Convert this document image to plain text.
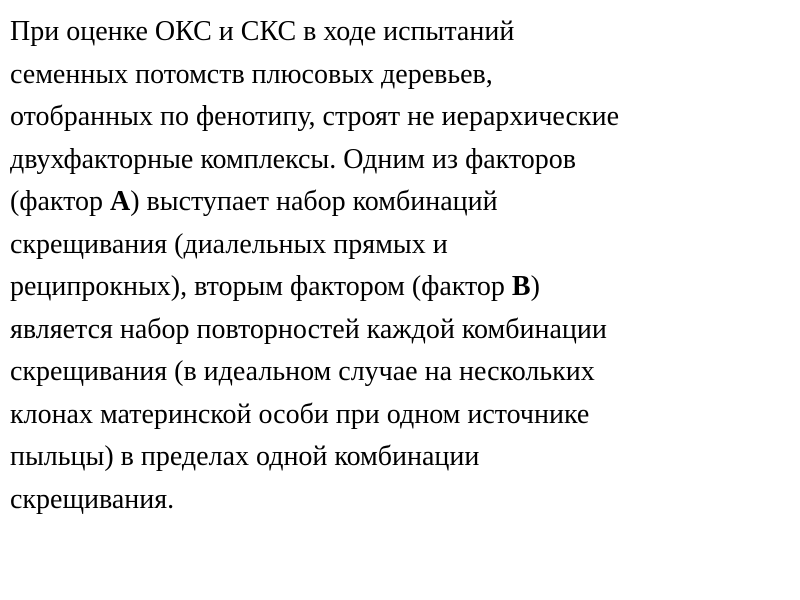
При оценке ОКС и СКС в ходе испытаний
семенных потомств плюсовых деревьев,
отобранных по фенотипу, строят не иерархические
двухфакторные комплексы. Одним из факторов
(фактор А) выступает набор комбинаций
скрещивания (диалельных прямых и
реципрокных), вторым фактором (фактор В)
является набор повторностей каждой комбинации
скрещивания (в идеальном случае на нескольких
клонах материнской особи при одном источнике
пыльцы) в пределах одной комбинации
скрещивания.
